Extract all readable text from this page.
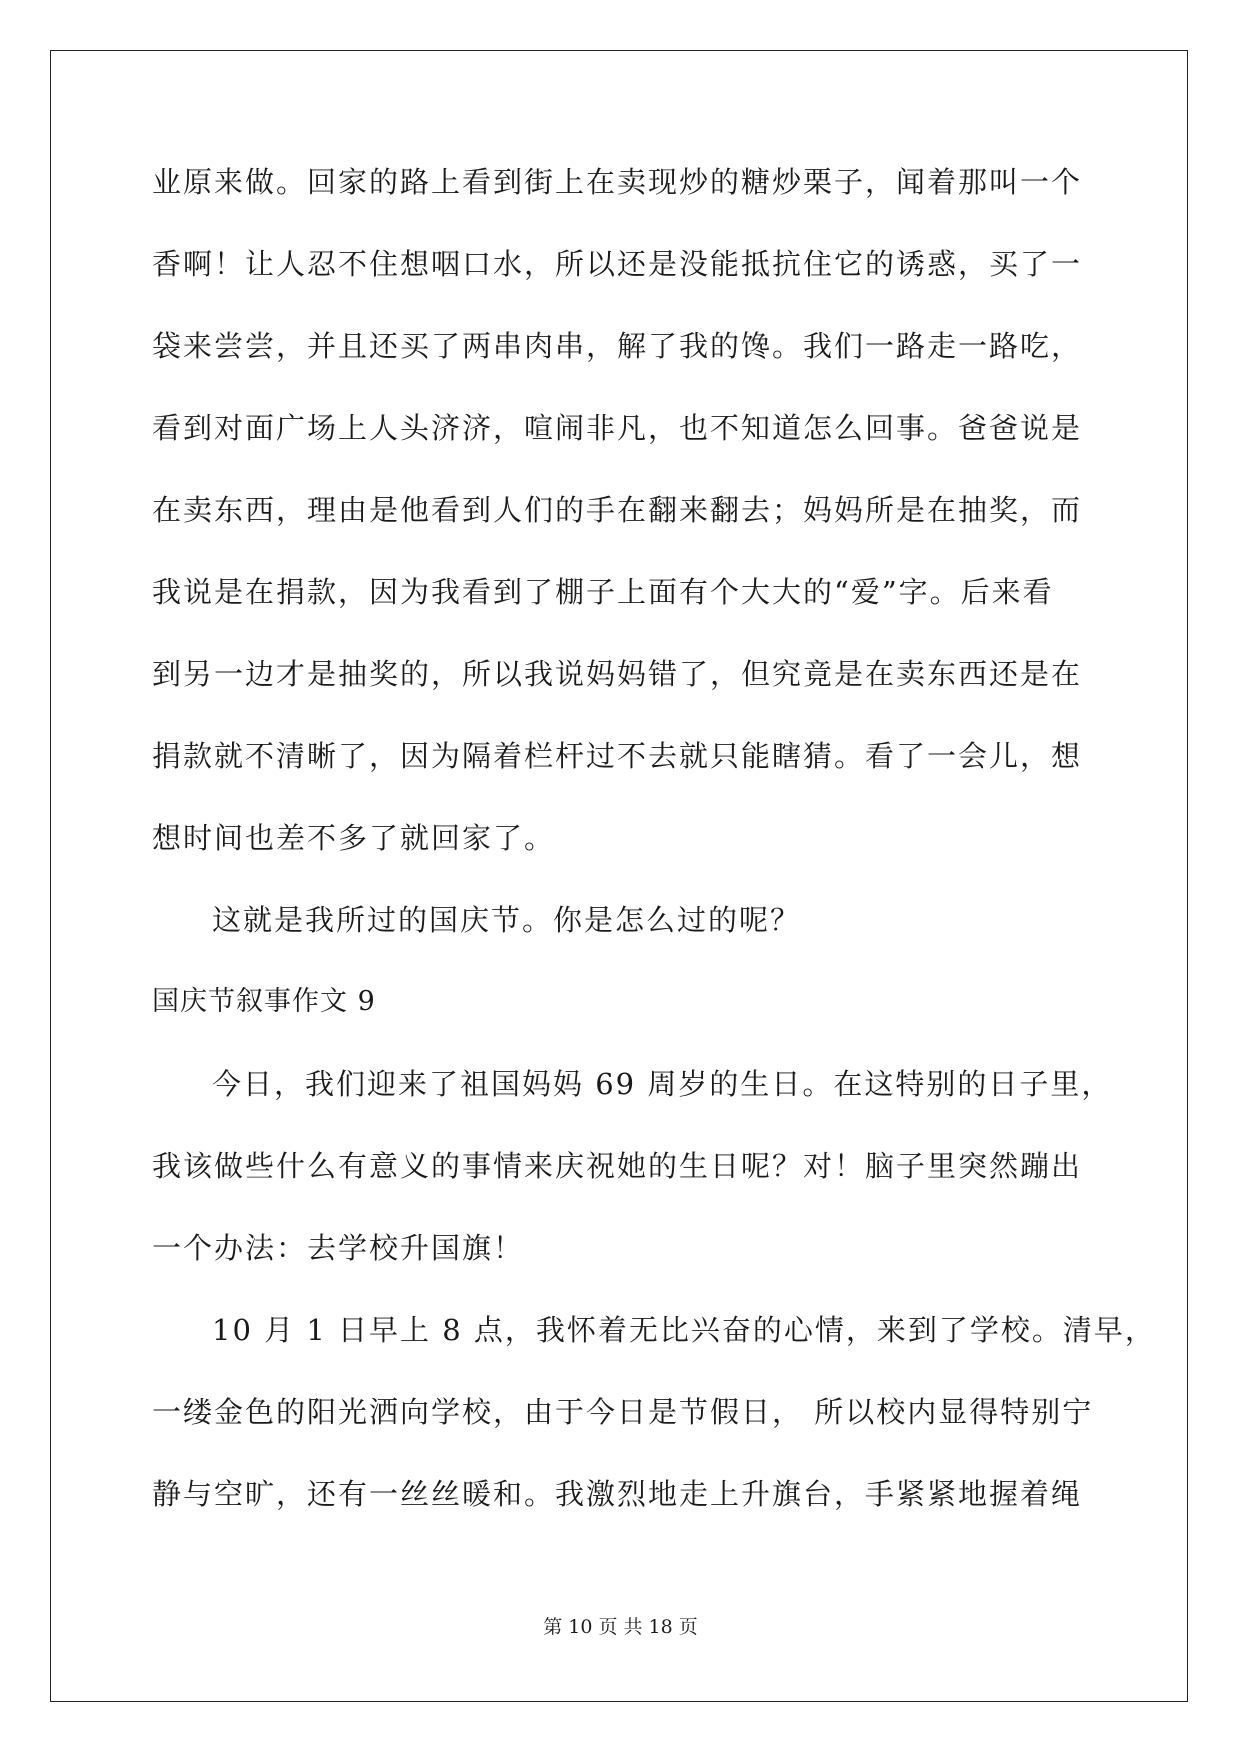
业原来做。回家的路上看到街上在卖现炒的糖炒栗子，闻着那叫一个
香啊！让人忍不住想咽口水，所以还是没能抵抗住它的诱惑，买了一
袋来尝尝，并且还买了两串肉串，解了我的馋。我们一路走一路吃，
看到对面广场上人头济济，喧闹非凡，也不知道怎么回事。爸爸说是
在卖东西，理由是他看到人们的手在翻来翻去；妈妈所是在抽奖，而
我说是在捐款，因为我看到了棚子上面有个大大的“爱”字。后来看
到另一边才是抽奖的，所以我说妈妈错了，但究竟是在卖东西还是在
捐款就不清晰了，因为隔着栏杆过不去就只能瞎猜。看了一会儿，想
想时间也差不多了就回家了。
这就是我所过的国庆节。你是怎么过的呢？
国庆节叙事作文 9
今日，我们迎来了祖国妈妈 69 周岁的生日。在这特别的日子里，
我该做些什么有意义的事情来庆祝她的生日呢？对！脑子里突然蹦出
一个办法：去学校升国旗！
10 月 1 日早上 8 点，我怀着无比兴奋的心情，来到了学校。清早，
一缕金色的阳光洒向学校，由于今日是节假日， 所以校内显得特别宁
静与空旷，还有一丝丝暖和。我激烈地走上升旗台，手紧紧地握着绳
第 10 页 共 18 页
